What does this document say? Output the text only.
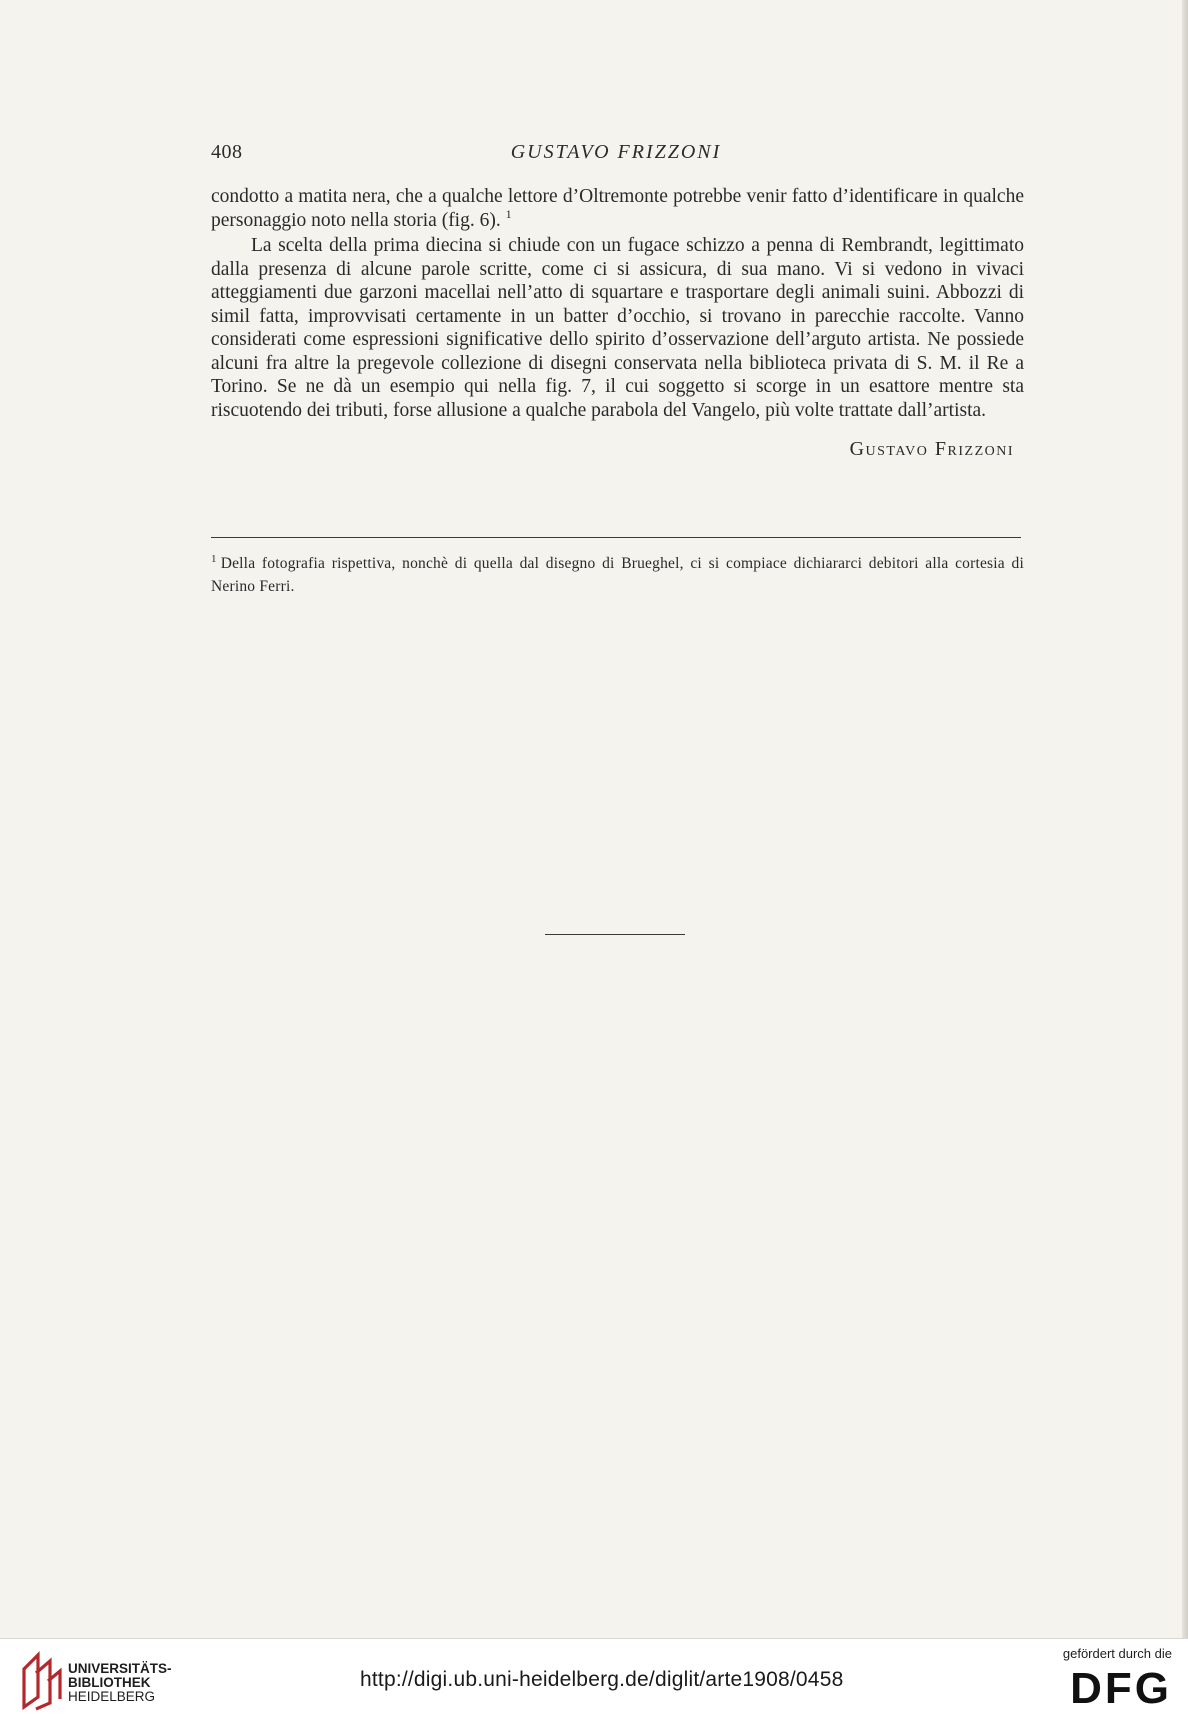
408	GUSTAVO FRIZZONI

condotto a matita nera, che a qualche lettore d’Oltremonte potrebbe venir fatto d’identificare in qualche personaggio noto nella storia (fig. 6). $^1$

La scelta della prima diecina si chiude con un fugace schizzo a penna di Rembrandt, legittimato dalla presenza di alcune parole scritte, come ci si assicura, di sua mano. Vi si vedono in vivaci atteggiamenti due garzoni macellai nell’atto di squartare e trasportare degli animali suini. Abbozzi di simil fatta, improvvisati certamente in un batter d’occhio, si trovano in parecchie raccolte. Vanno considerati come espressioni significative dello spirito d’osservazione dell’arguto artista. Ne possiede alcuni fra altre la pregevole collezione di disegni conservata nella biblioteca privata di S. M. il Re a Torino. Se ne dà un esempio qui nella fig. 7, il cui soggetto si scorge in un esattore mentre sta riscuotendo dei tributi, forse allusione a qualche parabola del Vangelo, più volte trattate dall’artista.

Gustavo Frizzoni

$^1$ Della fotografia rispettiva, nonchè di quella dal disegno di Brueghel, ci si compiace dichiararci debitori alla cortesia di Nerino Ferri.
UNIVERSITÄTS-
BIBLIOTHEK
HEIDELBERG
http://digi.ub.uni-heidelberg.de/diglit/arte1908/0458
gefördert durch die
DFG
